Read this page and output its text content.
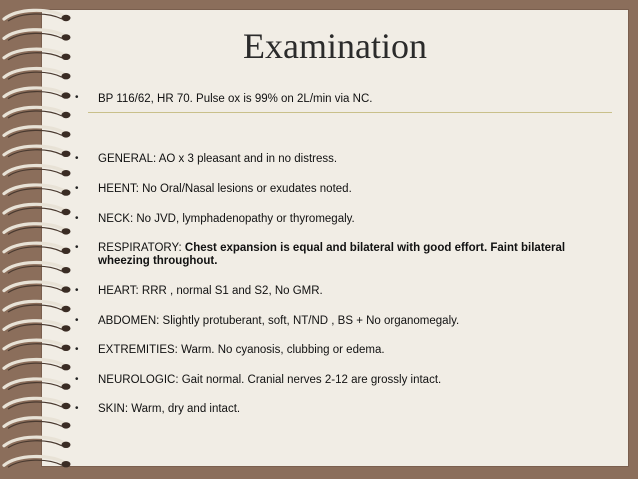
Examination
• BP 116/62, HR 70. Pulse ox is 99% on 2L/min via NC.
• GENERAL: AO x 3 pleasant and in no distress.
• HEENT: No Oral/Nasal lesions or exudates noted.
• NECK: No JVD, lymphadenopathy or thyromegaly.
• RESPIRATORY: Chest expansion is equal and bilateral with good effort. Faint bilateral wheezing throughout.
• HEART: RRR , normal S1 and S2, No GMR.
• ABDOMEN: Slightly protuberant, soft, NT/ND , BS + No organomegaly.
• EXTREMITIES: Warm. No cyanosis, clubbing or edema.
• NEUROLOGIC: Gait normal. Cranial nerves 2-12 are grossly intact.
• SKIN: Warm, dry and intact.
